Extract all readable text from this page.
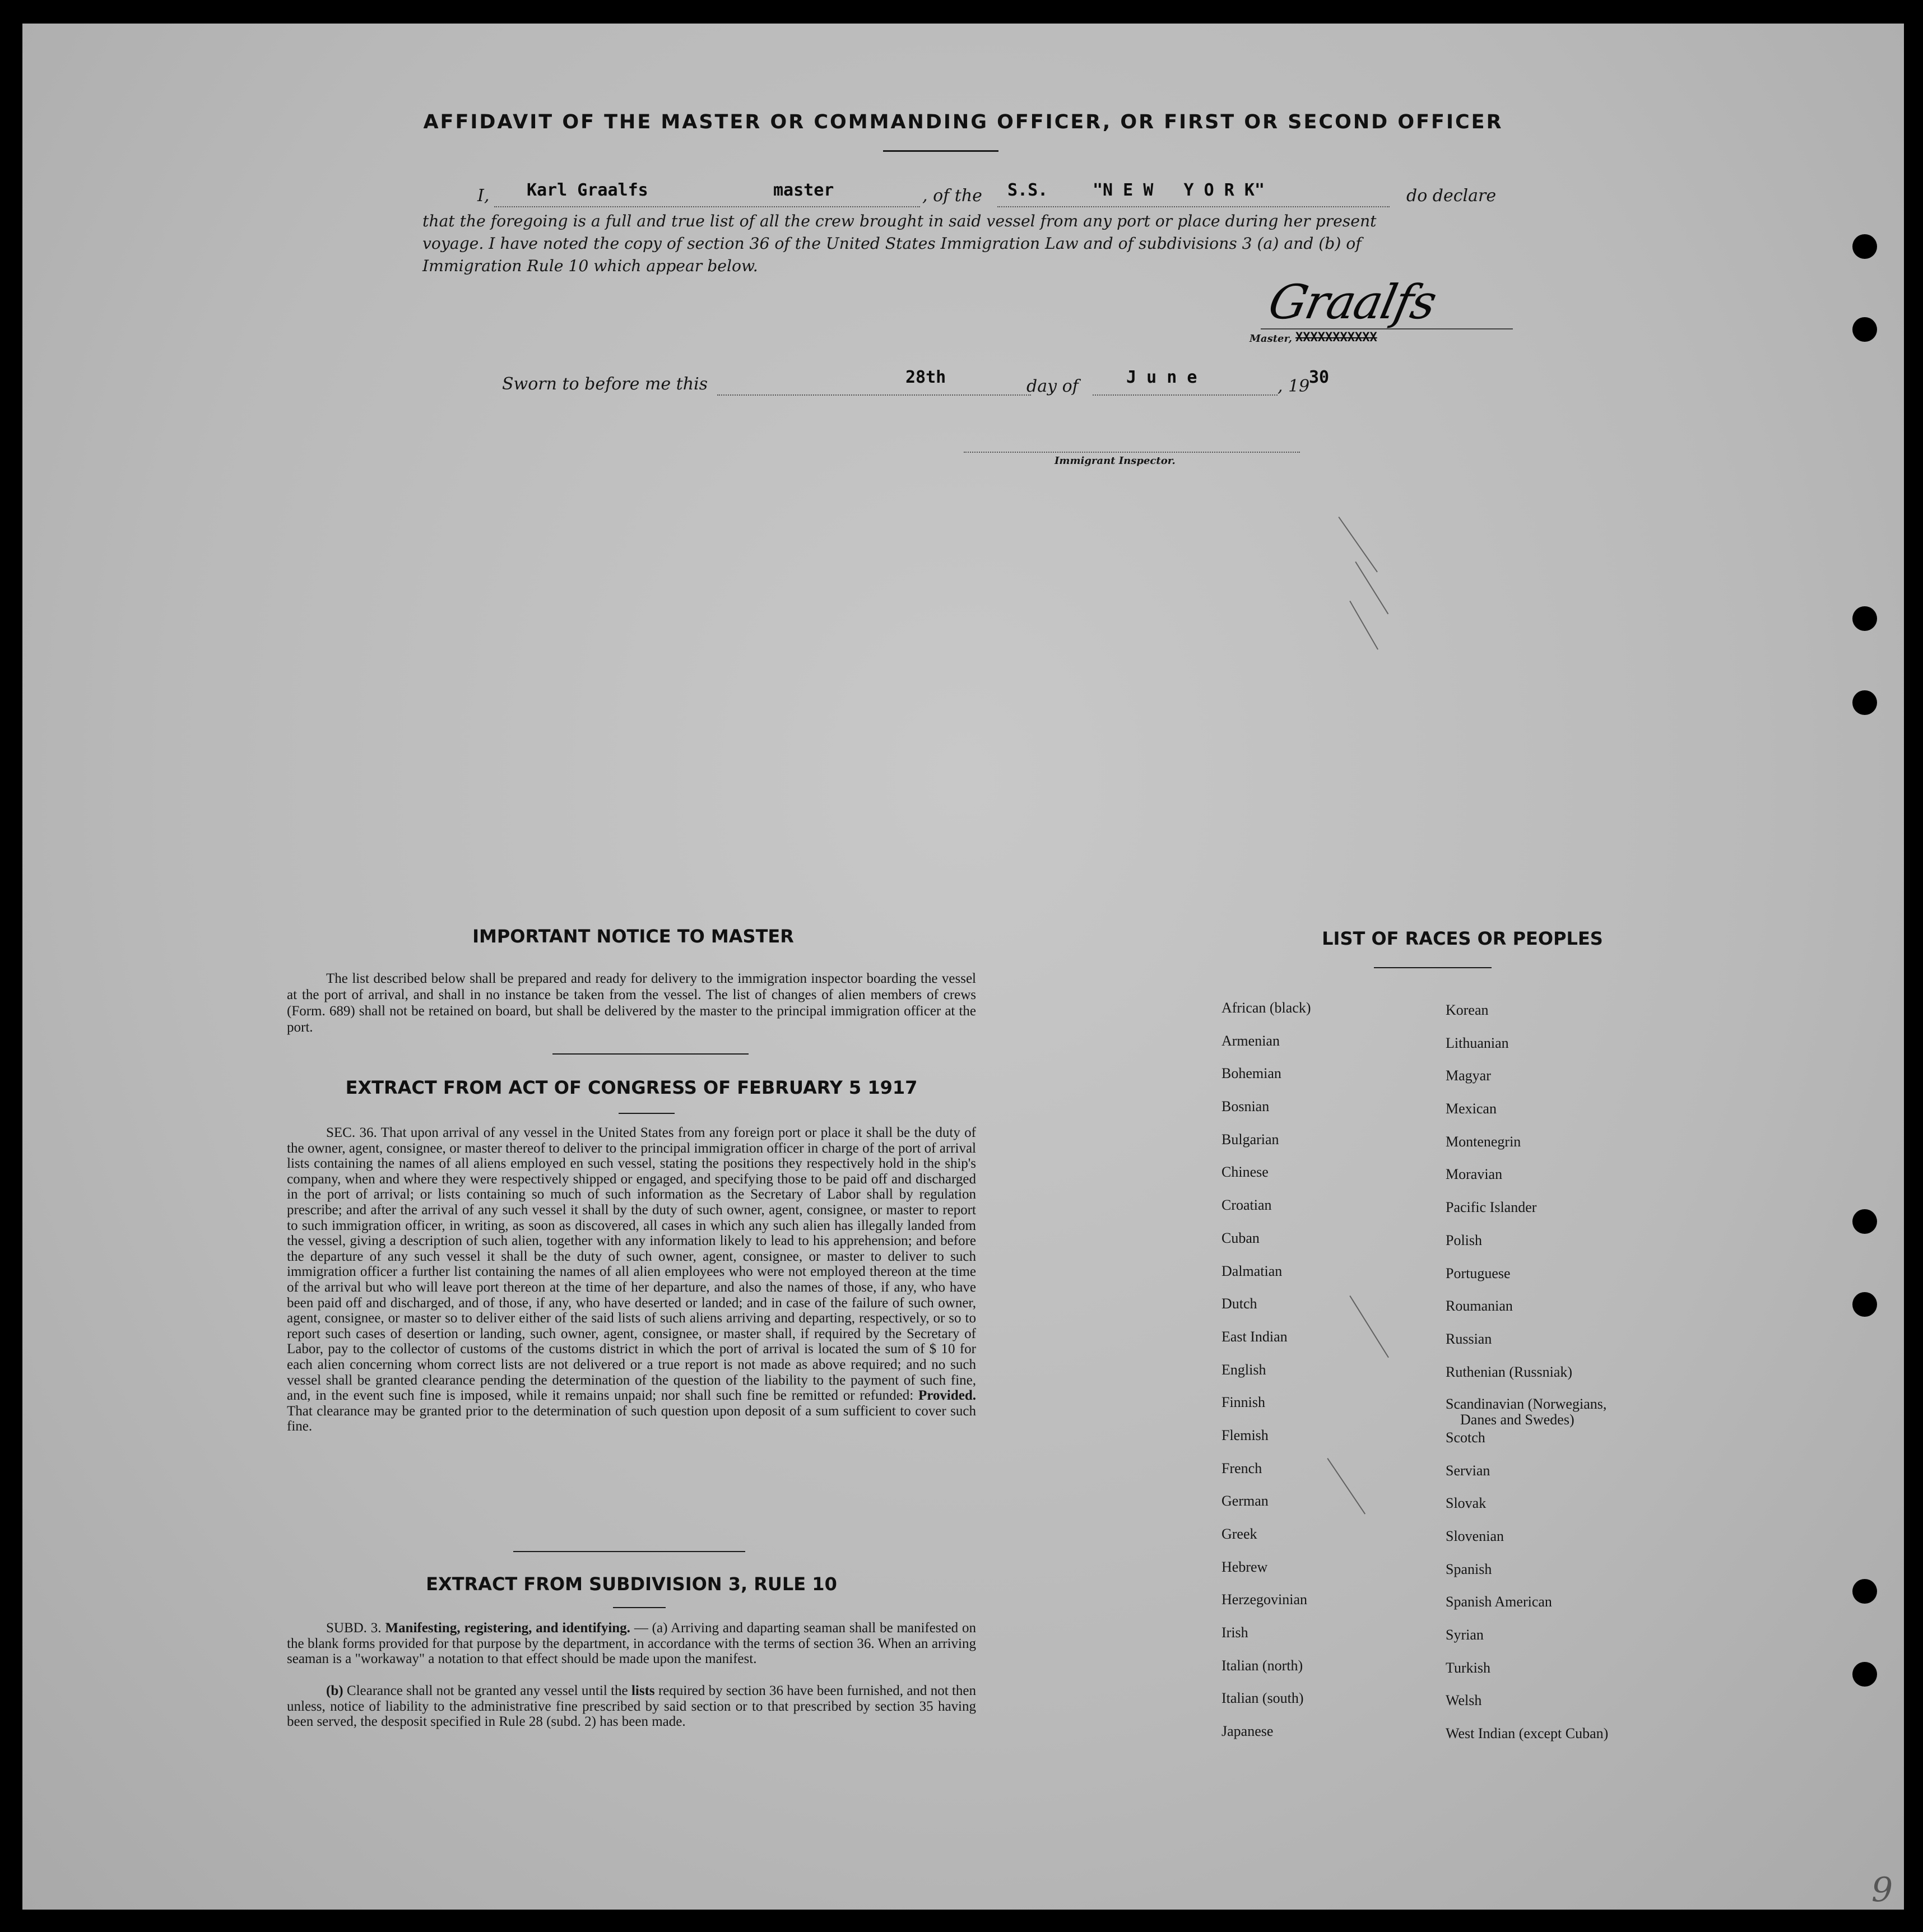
AFFIDAVIT OF THE MASTER OR COMMANDING OFFICER, OR FIRST OR SECOND OFFICER
I, Karl Graalfs	master	, of the S.S.	"N E W   Y O R K"	do declare
that the foregoing is a full and true list of all the crew brought in said vessel from any port or place during her present
voyage. I have noted the copy of section 36 of the United States Immigration Law and of subdivisions 3 (a) and (b) of
Immigration Rule 10 which appear below.
Graalfs
Master, XXXXXXXXXXX
Sworn to before me this	28th	day of	J u n e	, 19
30
Immigrant Inspector.
IMPORTANT NOTICE TO MASTER

The list described below shall be prepared and ready for delivery to the immigration inspector boarding the vessel at the port of arrival, and shall in no instance be taken from the vessel. The list of changes of alien members of crews (Form. 689) shall not be retained on board, but shall be delivered by the master to the principal immigration officer at the port.

EXTRACT FROM ACT OF CONGRESS OF FEBRUARY 5 1917

SEC. 36. That upon arrival of any vessel in the United States from any foreign port or place it shall be the duty of the owner, agent, consignee, or master thereof to deliver to the principal immigration officer in charge of the port of arrival lists containing the names of all aliens employed en such vessel, stating the positions they respectively hold in the ship's company, when and where they were respectively shipped or engaged, and specifying those to be paid off and discharged in the port of arrival; or lists containing so much of such information as the Secretary of Labor shall by regulation prescribe; and after the arrival of any such vessel it shall by the duty of such owner, agent, consignee, or master to report to such immigration officer, in writing, as soon as discovered, all cases in which any such alien has illegally landed from the vessel, giving a description of such alien, together with any information likely to lead to his apprehension; and before the departure of any such vessel it shall be the duty of such owner, agent, consignee, or master to deliver to such immigration officer a further list containing the names of all alien employees who were not employed thereon at the time of the arrival but who will leave port thereon at the time of her departure, and also the names of those, if any, who have been paid off and discharged, and of those, if any, who have deserted or landed; and in case of the failure of such owner, agent, consignee, or master so to deliver either of the said lists of such aliens arriving and departing, respectively, or so to report such cases of desertion or landing, such owner, agent, consignee, or master shall, if required by the Secretary of Labor, pay to the collector of customs of the customs district in which the port of arrival is located the sum of $ 10 for each alien concerning whom correct lists are not delivered or a true report is not made as above required; and no such vessel shall be granted clearance pending the determination of the question of the liability to the payment of such fine, and, in the event such fine is imposed, while it remains unpaid; nor shall such fine be remitted or refunded: Provided. That clearance may be granted prior to the determination of such question upon deposit of a sum sufficient to cover such fine.

EXTRACT FROM SUBDIVISION 3, RULE 10

SUBD. 3. Manifesting, registering, and identifying. — (a) Arriving and daparting seaman shall be manifested on the blank forms provided for that purpose by the department, in accordance with the terms of section 36. When an arriving seaman is a "workaway" a notation to that effect should be made upon the manifest.

(b) Clearance shall not be granted any vessel until the lists required by section 36 have been furnished, and not then unless, notice of liability to the administrative fine prescribed by said section or to that prescribed by section 35 having been served, the desposit specified in Rule 28 (subd. 2) has been made.

LIST OF RACES OR PEOPLES
African (black)
Armenian
Bohemian
Bosnian
Bulgarian
Chinese
Croatian
Cuban
Dalmatian
Dutch
East Indian
English
Finnish
Flemish
French
German
Greek
Hebrew
Herzegovinian
Irish
Italian (north)
Italian (south)
Japanese
Korean
Lithuanian
Magyar
Mexican
Montenegrin
Moravian
Pacific Islander
Polish
Portuguese
Roumanian
Russian
Ruthenian (Russniak)
Scandinavian (Norwegians,
Danes and Swedes)
Scotch
Servian
Slovak
Slovenian
Spanish
Spanish American
Syrian
Turkish
Welsh
West Indian (except Cuban)
9
